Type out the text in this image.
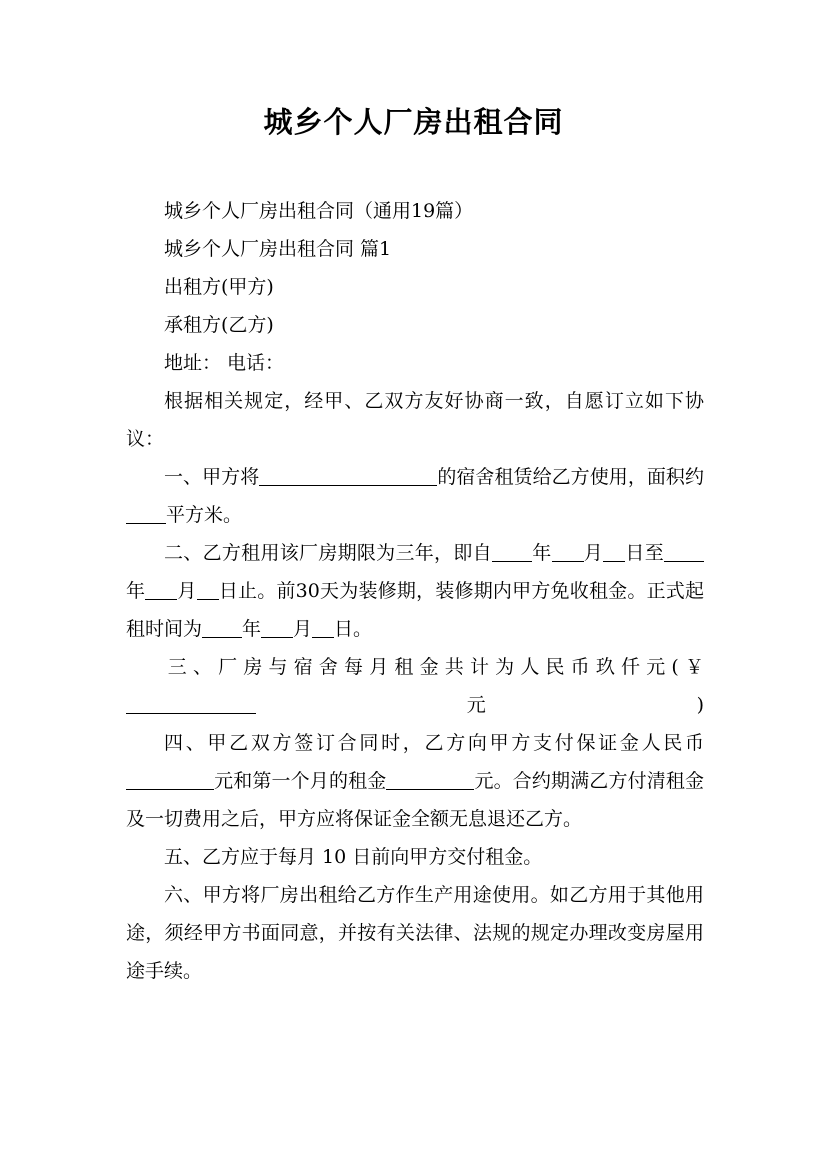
城乡个人厂房出租合同

城乡个人厂房出租合同（通用19篇）

城乡个人厂房出租合同 篇1

出租方(甲方)

承租方(乙方)

地址： 电话：

根据相关规定，经甲、乙双方友好协商一致，自愿订立如下协议：

一、甲方将	的宿舍租赁给乙方使用，面积约平方米。

二、乙方租用该厂房期限为三年，即自 年 月 日至年 月 日止。前30天为装修期，装修期内甲方免收租金。正式起租时间为 年 月 日。

三、厂房与宿舍每月租金共计为人民币玖仟元(￥元)

四、甲乙双方签订合同时，乙方向甲方支付保证金人民币元和第一个月的租金	元。合约期满乙方付清租金及一切费用之后，甲方应将保证金全额无息退还乙方。

五、乙方应于每月 10 日前向甲方交付租金。

六、甲方将厂房出租给乙方作生产用途使用。如乙方用于其他用途，须经甲方书面同意，并按有关法律、法规的规定办理改变房屋用途手续。
